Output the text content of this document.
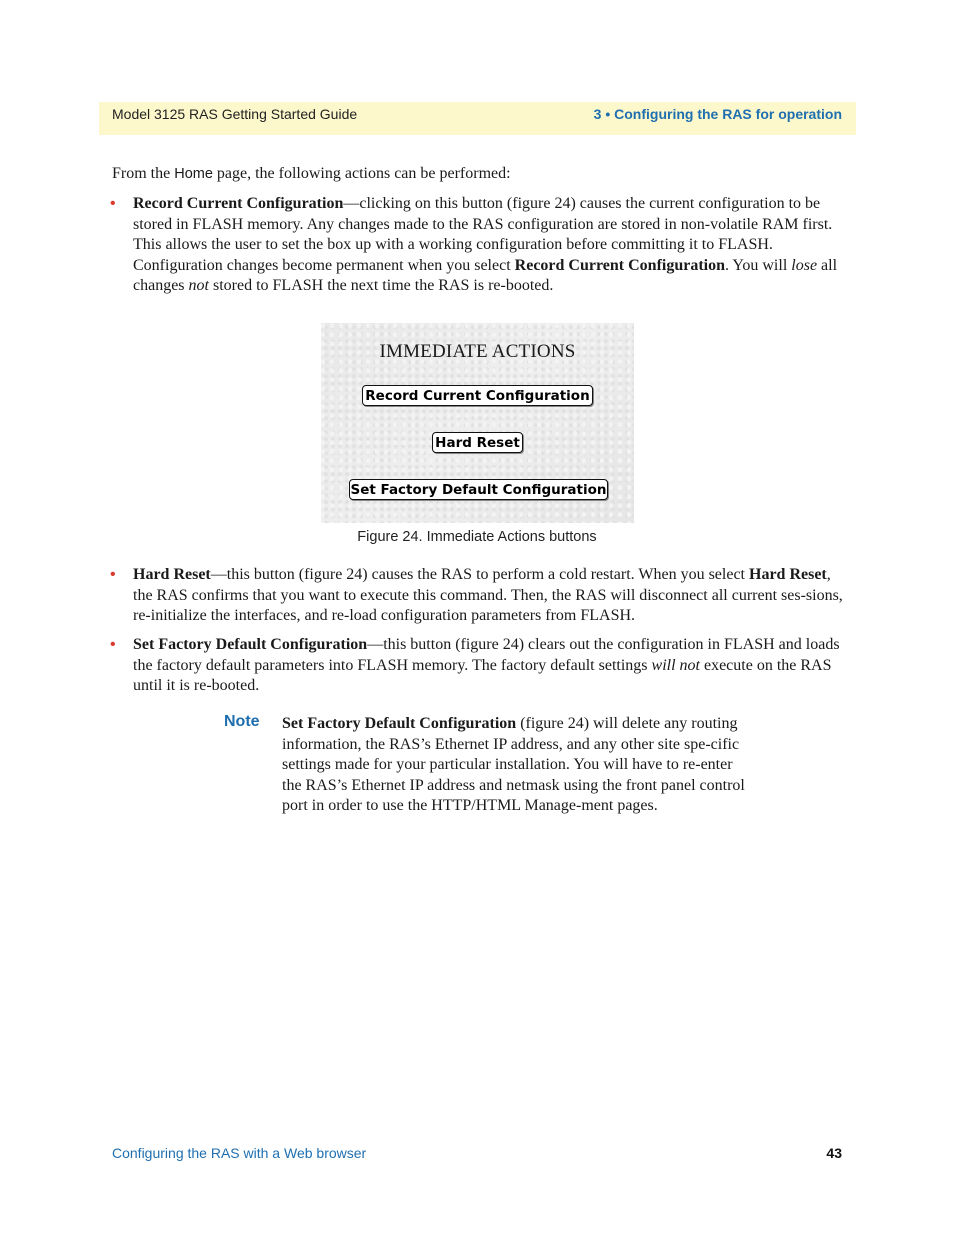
Model 3125 RAS Getting Started Guide	3 • Configuring the RAS for operation

From the Home page, the following actions can be performed:

• Record Current Configuration—clicking on this button (figure 24) causes the current configuration to be stored in FLASH memory. Any changes made to the RAS configuration are stored in non-volatile RAM first. This allows the user to set the box up with a working configuration before committing it to FLASH. Configuration changes become permanent when you select Record Current Configuration. You will lose all changes not stored to FLASH the next time the RAS is re-booted.
IMMEDIATE ACTIONS
Record Current Configuration
Hard Reset
Set Factory Default Configuration
Figure 24. Immediate Actions buttons
• Hard Reset—this button (figure 24) causes the RAS to perform a cold restart. When you select Hard Reset, the RAS confirms that you want to execute this command. Then, the RAS will disconnect all current ses-sions, re-initialize the interfaces, and re-load configuration parameters from FLASH.
• Set Factory Default Configuration—this button (figure 24) clears out the configuration in FLASH and loads the factory default parameters into FLASH memory. The factory default settings will not execute on the RAS until it is re-booted.
Note Set Factory Default Configuration (figure 24) will delete any routing information, the RAS’s Ethernet IP address, and any other site spe-cific settings made for your particular installation. You will have to re-enter the RAS’s Ethernet IP address and netmask using the front panel control port in order to use the HTTP/HTML Manage-ment pages.
Configuring the RAS with a Web browser	43
